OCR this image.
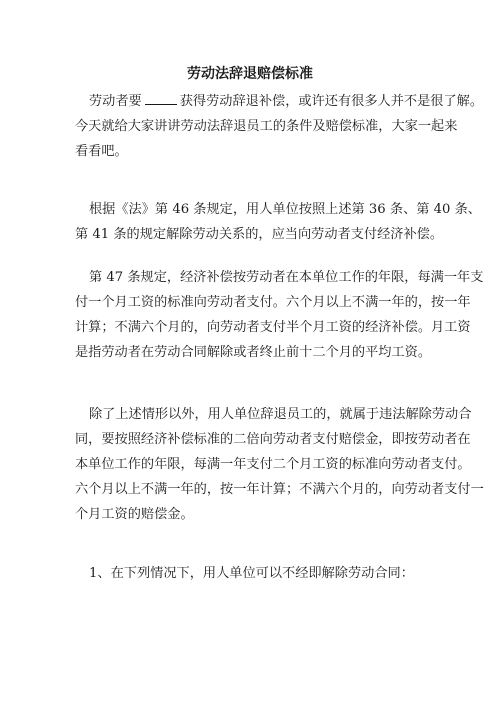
劳动法辞退赔偿标准
劳动者要	获得劳动辞退补偿，或许还有很多人并不是很了解。
今天就给大家讲讲劳动法辞退员工的条件及赔偿标准，大家一起来
看看吧。
根据《法》第 46 条规定，用人单位按照上述第 36 条、第 40 条、
第 41 条的规定解除劳动关系的，应当向劳动者支付经济补偿。
第 47 条规定，经济补偿按劳动者在本单位工作的年限，每满一年支
付一个月工资的标准向劳动者支付。六个月以上不满一年的，按一年
计算；不满六个月的，向劳动者支付半个月工资的经济补偿。月工资
是指劳动者在劳动合同解除或者终止前十二个月的平均工资。
除了上述情形以外，用人单位辞退员工的，就属于违法解除劳动合
同，要按照经济补偿标准的二倍向劳动者支付赔偿金，即按劳动者在
本单位工作的年限，每满一年支付二个月工资的标准向劳动者支付。
六个月以上不满一年的，按一年计算；不满六个月的，向劳动者支付一
个月工资的赔偿金。
1、在下列情况下，用人单位可以不经即解除劳动合同：
